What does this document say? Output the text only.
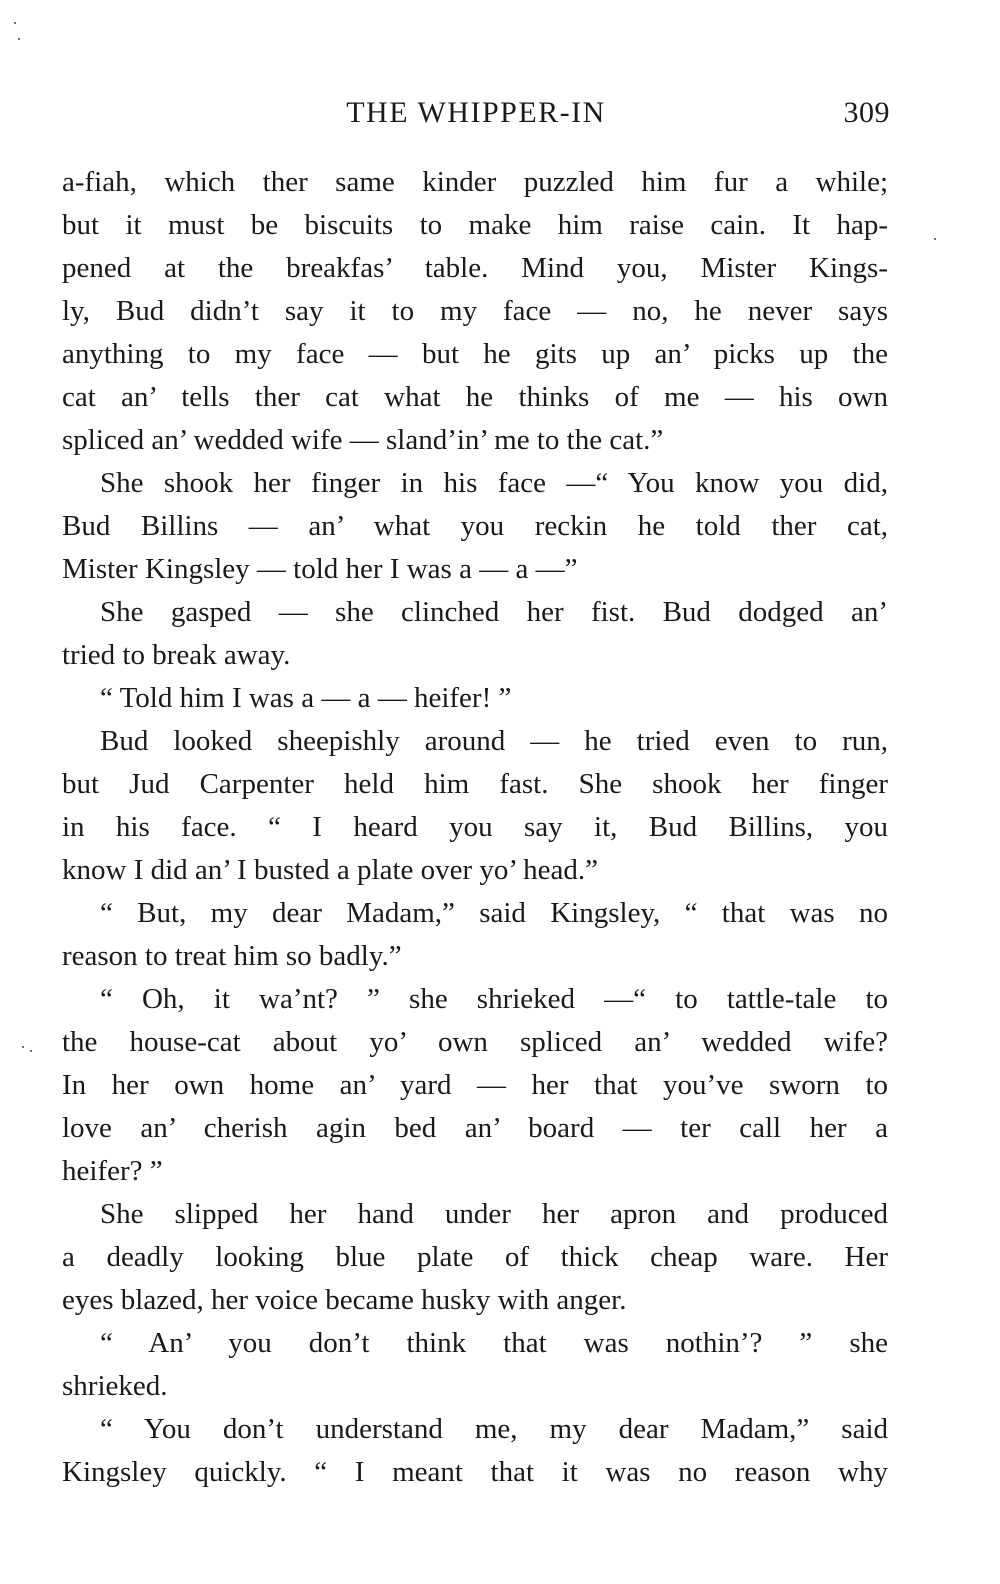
THE WHIPPER-IN	309
a-fiah, which ther same kinder puzzled him fur a while;
but it must be biscuits to make him raise cain. It hap-
pened at the breakfas’ table. Mind you, Mister Kings-
ly, Bud didn’t say it to my face — no, he never says
anything to my face — but he gits up an’ picks up the
cat an’ tells ther cat what he thinks of me — his own
spliced an’ wedded wife — sland’in’ me to the cat.”
She shook her finger in his face —“ You know you did,
Bud Billins — an’ what you reckin he told ther cat,
Mister Kingsley — told her I was a — a —”
She gasped — she clinched her fist. Bud dodged an’
tried to break away.
“ Told him I was a — a — heifer! ”
Bud looked sheepishly around — he tried even to run,
but Jud Carpenter held him fast. She shook her finger
in his face. “ I heard you say it, Bud Billins, you
know I did an’ I busted a plate over yo’ head.”
“ But, my dear Madam,” said Kingsley, “ that was no
reason to treat him so badly.”
“ Oh, it wa’nt? ” she shrieked —“ to tattle-tale to
the house-cat about yo’ own spliced an’ wedded wife?
In her own home an’ yard — her that you’ve sworn to
love an’ cherish agin bed an’ board — ter call her a
heifer? ”
She slipped her hand under her apron and produced
a deadly looking blue plate of thick cheap ware. Her
eyes blazed, her voice became husky with anger.
“ An’ you don’t think that was nothin’? ” she
shrieked.
“ You don’t understand me, my dear Madam,” said
Kingsley quickly. “ I meant that it was no reason why
